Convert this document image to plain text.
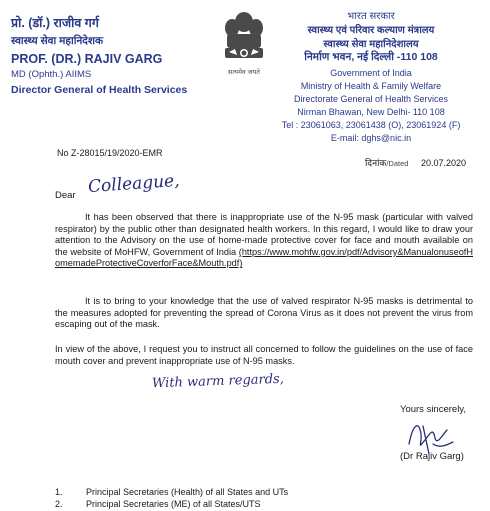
प्रो. (डॉ.) राजीव गर्ग
स्वास्थ्य सेवा महानिदेशक
PROF. (DR.) RAJIV GARG
MD (Ophth.) AIIMS
Director General of Health Services
सत्यमेव जयते
भारत सरकार
स्वास्थ्य एवं परिवार कल्याण मंत्रालय
स्वास्थ्य सेवा महानिदेशालय
निर्माण भवन, नई दिल्ली -110 108
Government of India
Ministry of Health & Family Welfare
Directorate General of Health Services
Nirman Bhawan, New Delhi- 110 108
Tel : 23061063, 23061438 (O), 23061924 (F)
E-mail: dghs@nic.in
No Z-28015/19/2020-EMR
दिनांक/Dated 20.07.2020
Dear Colleague,
It has been observed that there is inappropriate use of the N-95 mask (particular with valved respirator) by the public other than designated health workers. In this regard, I would like to draw your attention to the Advisory on the use of home-made protective cover for face and mouth available on the website of MoHFW, Government of India (https://www.mohfw.gov.in/pdf/Advisory&ManualonuseofHomemadeProtectiveCoverforFace&Mouth.pdf)
It is to bring to your knowledge that the use of valved respirator N-95 masks is detrimental to the measures adopted for preventing the spread of Corona Virus as it does not prevent the virus from escaping out of the mask.
In view of the above, I request you to instruct all concerned to follow the guidelines on the use of face mouth cover and prevent inappropriate use of N-95 masks.
With warm regards,
Yours sincerely,
(Dr Rajiv Garg)
1.	Principal Secretaries (Health) of all States and UTs
2.	Principal Secretaries (ME) of all States/UTS
